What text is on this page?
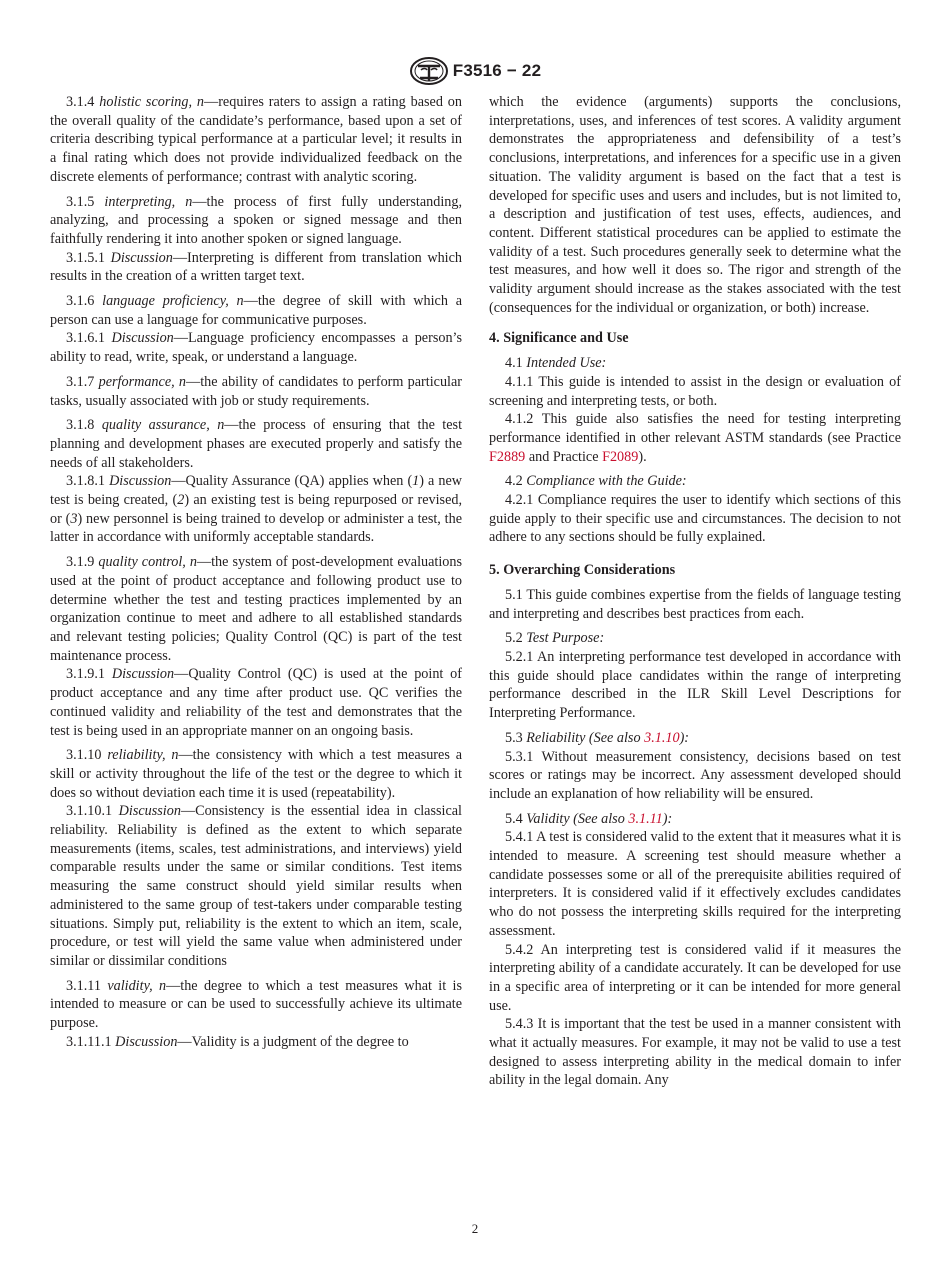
F3516 − 22

3.1.4 holistic scoring, n—requires raters to assign a rating based on the overall quality of the candidate’s performance, based upon a set of criteria describing typical performance at a particular level; it results in a final rating which does not provide individualized feedback on the discrete elements of performance; contrast with analytic scoring.

3.1.5 interpreting, n—the process of first fully understanding, analyzing, and processing a spoken or signed message and then faithfully rendering it into another spoken or signed language.

3.1.5.1 Discussion—Interpreting is different from translation which results in the creation of a written target text.

3.1.6 language proficiency, n—the degree of skill with which a person can use a language for communicative purposes.

3.1.6.1 Discussion—Language proficiency encompasses a person’s ability to read, write, speak, or understand a language.

3.1.7 performance, n—the ability of candidates to perform particular tasks, usually associated with job or study requirements.

3.1.8 quality assurance, n—the process of ensuring that the test planning and development phases are executed properly and satisfy the needs of all stakeholders.

3.1.8.1 Discussion—Quality Assurance (QA) applies when (1) a new test is being created, (2) an existing test is being repurposed or revised, or (3) new personnel is being trained to develop or administer a test, the latter in accordance with uniformly acceptable standards.

3.1.9 quality control, n—the system of post-development evaluations used at the point of product acceptance and following product use to determine whether the test and testing practices implemented by an organization continue to meet and adhere to all established standards and relevant testing policies; Quality Control (QC) is part of the test maintenance process.

3.1.9.1 Discussion—Quality Control (QC) is used at the point of product acceptance and any time after product use. QC verifies the continued validity and reliability of the test and demonstrates that the test is being used in an appropriate manner on an ongoing basis.

3.1.10 reliability, n—the consistency with which a test measures a skill or activity throughout the life of the test or the degree to which it does so without deviation each time it is used (repeatability).

3.1.10.1 Discussion—Consistency is the essential idea in classical reliability. Reliability is defined as the extent to which separate measurements (items, scales, test administrations, and interviews) yield comparable results under the same or similar conditions. Test items measuring the same construct should yield similar results when administered to the same group of test-takers under comparable testing situations. Simply put, reliability is the extent to which an item, scale, procedure, or test will yield the same value when administered under similar or dissimilar conditions

3.1.11 validity, n—the degree to which a test measures what it is intended to measure or can be used to successfully achieve its ultimate purpose.

3.1.11.1 Discussion—Validity is a judgment of the degree to

which the evidence (arguments) supports the conclusions, interpretations, uses, and inferences of test scores. A validity argument demonstrates the appropriateness and defensibility of a test’s conclusions, interpretations, and inferences for a specific use in a given situation. The validity argument is based on the fact that a test is developed for specific uses and users and includes, but is not limited to, a description and justification of test uses, effects, audiences, and content. Different statistical procedures can be applied to estimate the validity of a test. Such procedures generally seek to determine what the test measures, and how well it does so. The rigor and strength of the validity argument should increase as the stakes associated with the test (consequences for the individual or organization, or both) increase.

4. Significance and Use

4.1 Intended Use:

4.1.1 This guide is intended to assist in the design or evaluation of screening and interpreting tests, or both.

4.1.2 This guide also satisfies the need for testing interpreting performance identified in other relevant ASTM standards (see Practice F2889 and Practice F2089).

4.2 Compliance with the Guide:

4.2.1 Compliance requires the user to identify which sections of this guide apply to their specific use and circumstances. The decision to not adhere to any sections should be fully explained.

5. Overarching Considerations

5.1 This guide combines expertise from the fields of language testing and interpreting and describes best practices from each.

5.2 Test Purpose:

5.2.1 An interpreting performance test developed in accordance with this guide should place candidates within the range of interpreting performance described in the ILR Skill Level Descriptions for Interpreting Performance.

5.3 Reliability (See also 3.1.10):

5.3.1 Without measurement consistency, decisions based on test scores or ratings may be incorrect. Any assessment developed should include an explanation of how reliability will be ensured.

5.4 Validity (See also 3.1.11):

5.4.1 A test is considered valid to the extent that it measures what it is intended to measure. A screening test should measure whether a candidate possesses some or all of the prerequisite abilities required of interpreters. It is considered valid if it effectively excludes candidates who do not possess the interpreting skills required for the interpreting assessment.

5.4.2 An interpreting test is considered valid if it measures the interpreting ability of a candidate accurately. It can be developed for use in a specific area of interpreting or it can be intended for more general use.

5.4.3 It is important that the test be used in a manner consistent with what it actually measures. For example, it may not be valid to use a test designed to assess interpreting ability in the medical domain to infer ability in the legal domain. Any

2
